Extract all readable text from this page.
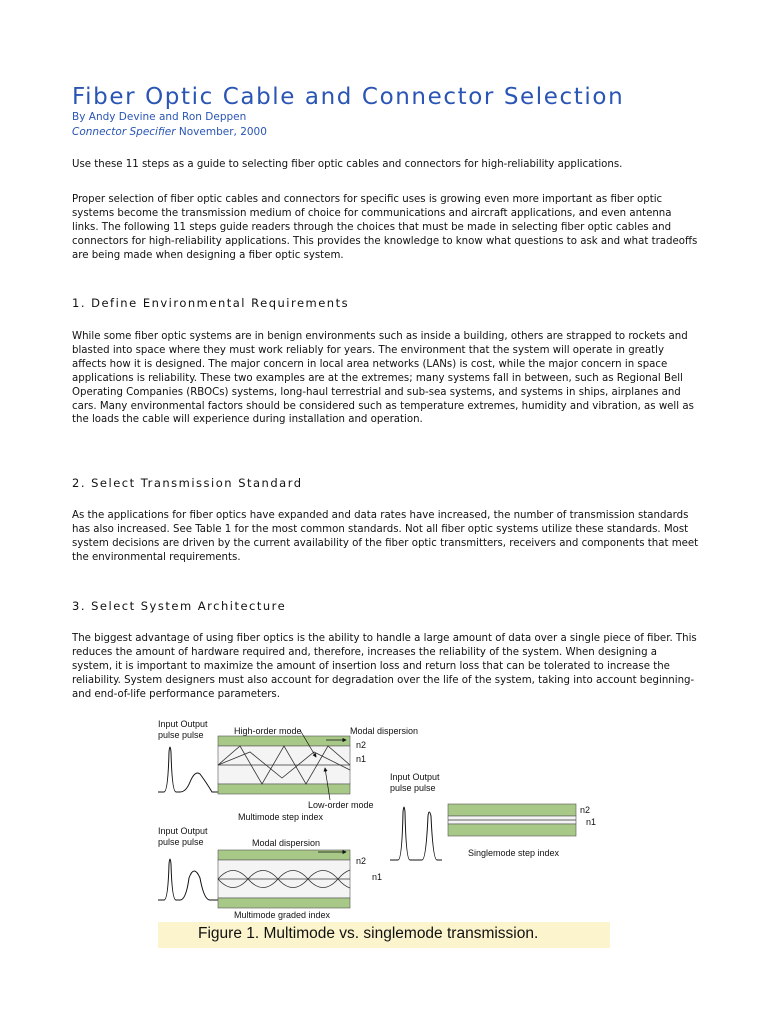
Fiber Optic Cable and Connector Selection
By Andy Devine and Ron Deppen
Connector Specifier November, 2000

Use these 11 steps as a guide to selecting fiber optic cables and connectors for high-reliability applications.

Proper selection of fiber optic cables and connectors for specific uses is growing even more important as fiber optic systems become the transmission medium of choice for communications and aircraft applications, and even antenna links. The following 11 steps guide readers through the choices that must be made in selecting fiber optic cables and connectors for high-reliability applications. This provides the knowledge to know what questions to ask and what tradeoffs are being made when designing a fiber optic system.

1. Define Environmental Requirements

While some fiber optic systems are in benign environments such as inside a building, others are strapped to rockets and blasted into space where they must work reliably for years. The environment that the system will operate in greatly affects how it is designed. The major concern in local area networks (LANs) is cost, while the major concern in space applications is reliability. These two examples are at the extremes; many systems fall in between, such as Regional Bell Operating Companies (RBOCs) systems, long-haul terrestrial and sub-sea systems, and systems in ships, airplanes and cars. Many environmental factors should be considered such as temperature extremes, humidity and vibration, as well as the loads the cable will experience during installation and operation.

2. Select Transmission Standard

As the applications for fiber optics have expanded and data rates have increased, the number of transmission standards has also increased. See Table 1 for the most common standards. Not all fiber optic systems utilize these standards. Most system decisions are driven by the current availability of the fiber optic transmitters, receivers and components that meet the environmental requirements.

3. Select System Architecture

The biggest advantage of using fiber optics is the ability to handle a large amount of data over a single piece of fiber. This reduces the amount of hardware required and, therefore, increases the reliability of the system. When designing a system, it is important to maximize the amount of insertion loss and return loss that can be tolerated to increase the reliability. System designers must also account for degradation over the life of the system, taking into account beginning- and end-of-life performance parameters.

Input Output
pulse pulse	High-order mode	Modal dispersion
n2
n1
Low-order mode
Multimode step index
Input Output
pulse pulse
n2
n1
Singlemode step index
Input Output
pulse pulse	Modal dispersion
n2
n1
Multimode graded index
Figure 1. Multimode vs. singlemode transmission.
